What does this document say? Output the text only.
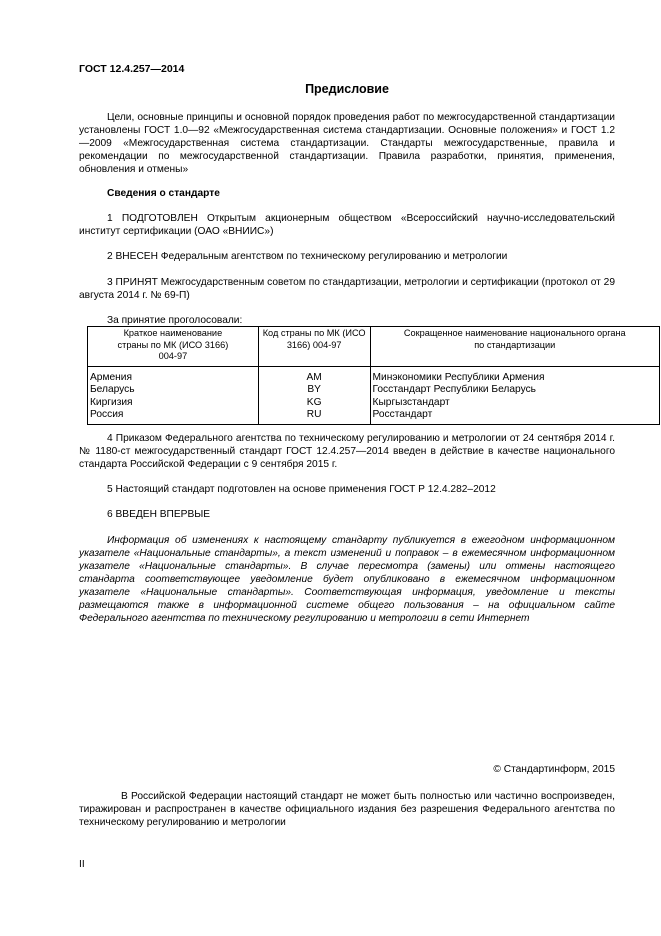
ГОСТ 12.4.257—2014
Предисловие
Цели, основные принципы и основной порядок проведения работ по межгосударственной стандартизации установлены ГОСТ 1.0—92 «Межгосударственная система стандартизации. Основные положения» и ГОСТ 1.2—2009 «Межгосударственная система стандартизации. Стандарты межгосударственные, правила и рекомендации по межгосударственной стандартизации. Правила разработки, принятия, применения, обновления и отмены»
Сведения о стандарте
1 ПОДГОТОВЛЕН Открытым акционерным обществом «Всероссийский научно-исследовательский институт сертификации (ОАО «ВНИИС»)
2 ВНЕСЕН Федеральным агентством по техническому регулированию и метрологии
3 ПРИНЯТ Межгосударственным советом по стандартизации, метрологии и сертификации (протокол от 29 августа 2014 г. № 69-П)
За принятие проголосовали:
Краткое наименование страны по МК (ИСО 3166) 004-97	Код страны по МК (ИСО 3166) 004-97	Сокращенное наименование национального органа по стандартизации
Армения	AM	Минэкономики Республики Армения
Беларусь	BY	Госстандарт Республики Беларусь
Киргизия	KG	Кыргызстандарт
Россия	RU	Росстандарт
4 Приказом Федерального агентства по техническому регулированию и метрологии от 24 сентября 2014 г.№ 1180-ст межгосударственный стандарт ГОСТ 12.4.257—2014 введен в действие в качестве национального стандарта Российской Федерации с 9 сентября 2015 г.
5 Настоящий стандарт подготовлен на основе применения ГОСТ Р 12.4.282–2012
6 ВВЕДЕН ВПЕРВЫЕ
Информация об изменениях к настоящему стандарту публикуется в ежегодном информационном указателе «Национальные стандарты», а текст изменений и поправок – в ежемесячном информационном указателе «Национальные стандарты». В случае пересмотра (замены) или отмены настоящего стандарта соответствующее уведомление будет опубликовано в ежемесячном информационном указателе «Национальные стандарты». Соответствующая информация, уведомление и тексты размещаются также в информационной системе общего пользования – на официальном сайте Федерального агентства по техническому регулированию и метрологии в сети Интернет
© Стандартинформ, 2015
В Российской Федерации настоящий стандарт не может быть полностью или частично воспроизведен, тиражирован и распространен в качестве официального издания без разрешения Федерального агентства по техническому регулированию и метрологии
II
